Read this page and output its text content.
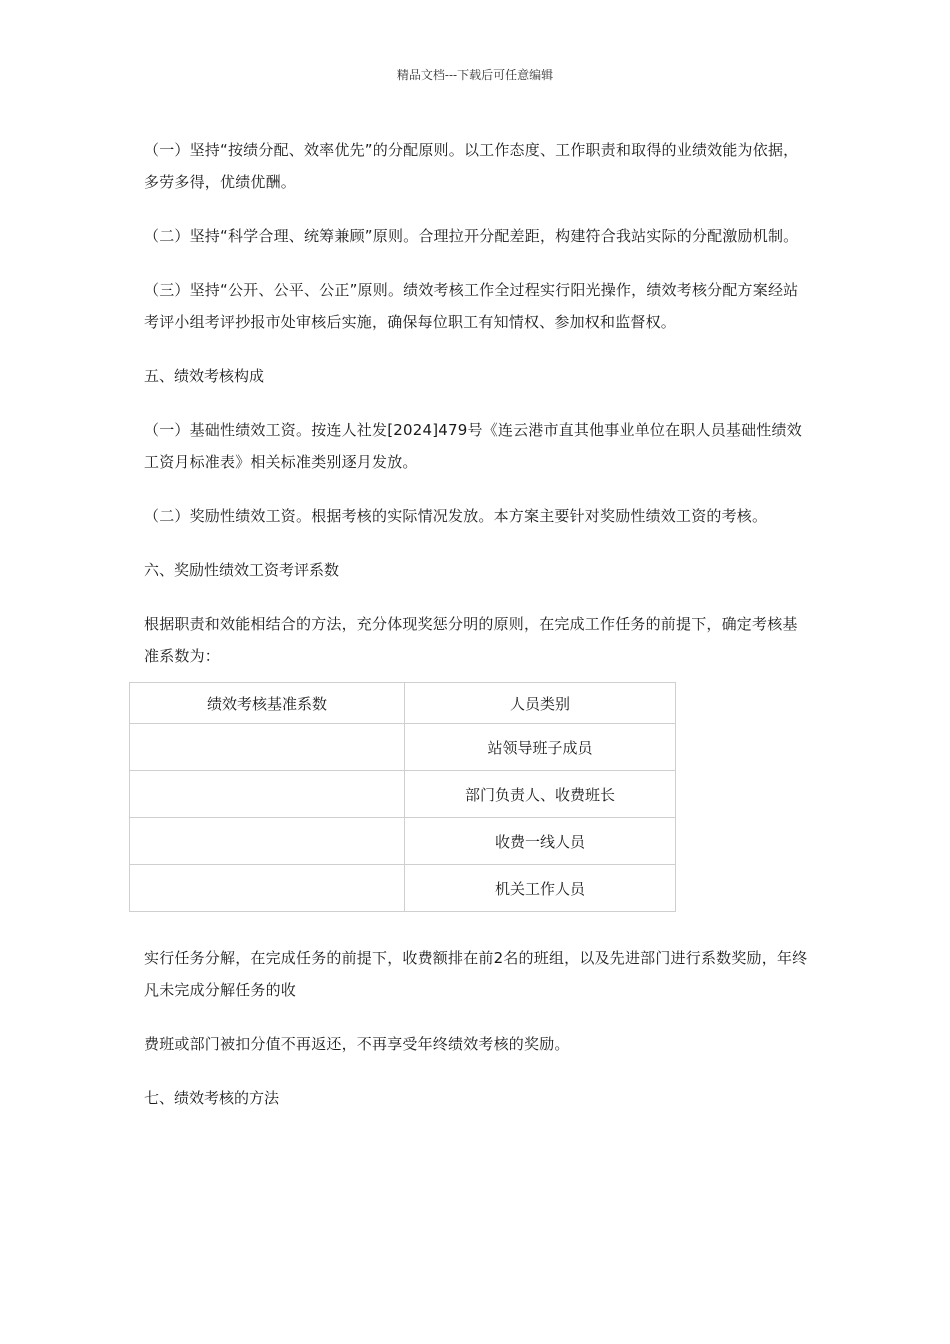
精品文档---下载后可任意编辑

（一）坚持“按绩分配、效率优先”的分配原则。以工作态度、工作职责和取得的业绩效能为依据，多劳多得，优绩优酬。

（二）坚持“科学合理、统筹兼顾”原则。合理拉开分配差距，构建符合我站实际的分配激励机制。

（三）坚持“公开、公平、公正”原则。绩效考核工作全过程实行阳光操作，绩效考核分配方案经站考评小组考评抄报市处审核后实施，确保每位职工有知情权、参加权和监督权。

五、绩效考核构成

（一）基础性绩效工资。按连人社发[2024]479号《连云港市直其他事业单位在职人员基础性绩效工资月标准表》相关标准类别逐月发放。

（二）奖励性绩效工资。根据考核的实际情况发放。本方案主要针对奖励性绩效工资的考核。

六、奖励性绩效工资考评系数

根据职责和效能相结合的方法，充分体现奖惩分明的原则，在完成工作任务的前提下，确定考核基准系数为：

绩效考核基准系数	人员类别
	站领导班子成员
	部门负责人、收费班长
	收费一线人员
	机关工作人员

实行任务分解，在完成任务的前提下，收费额排在前2名的班组，以及先进部门进行系数奖励，年终凡未完成分解任务的收

费班或部门被扣分值不再返还，不再享受年终绩效考核的奖励。

七、绩效考核的方法
